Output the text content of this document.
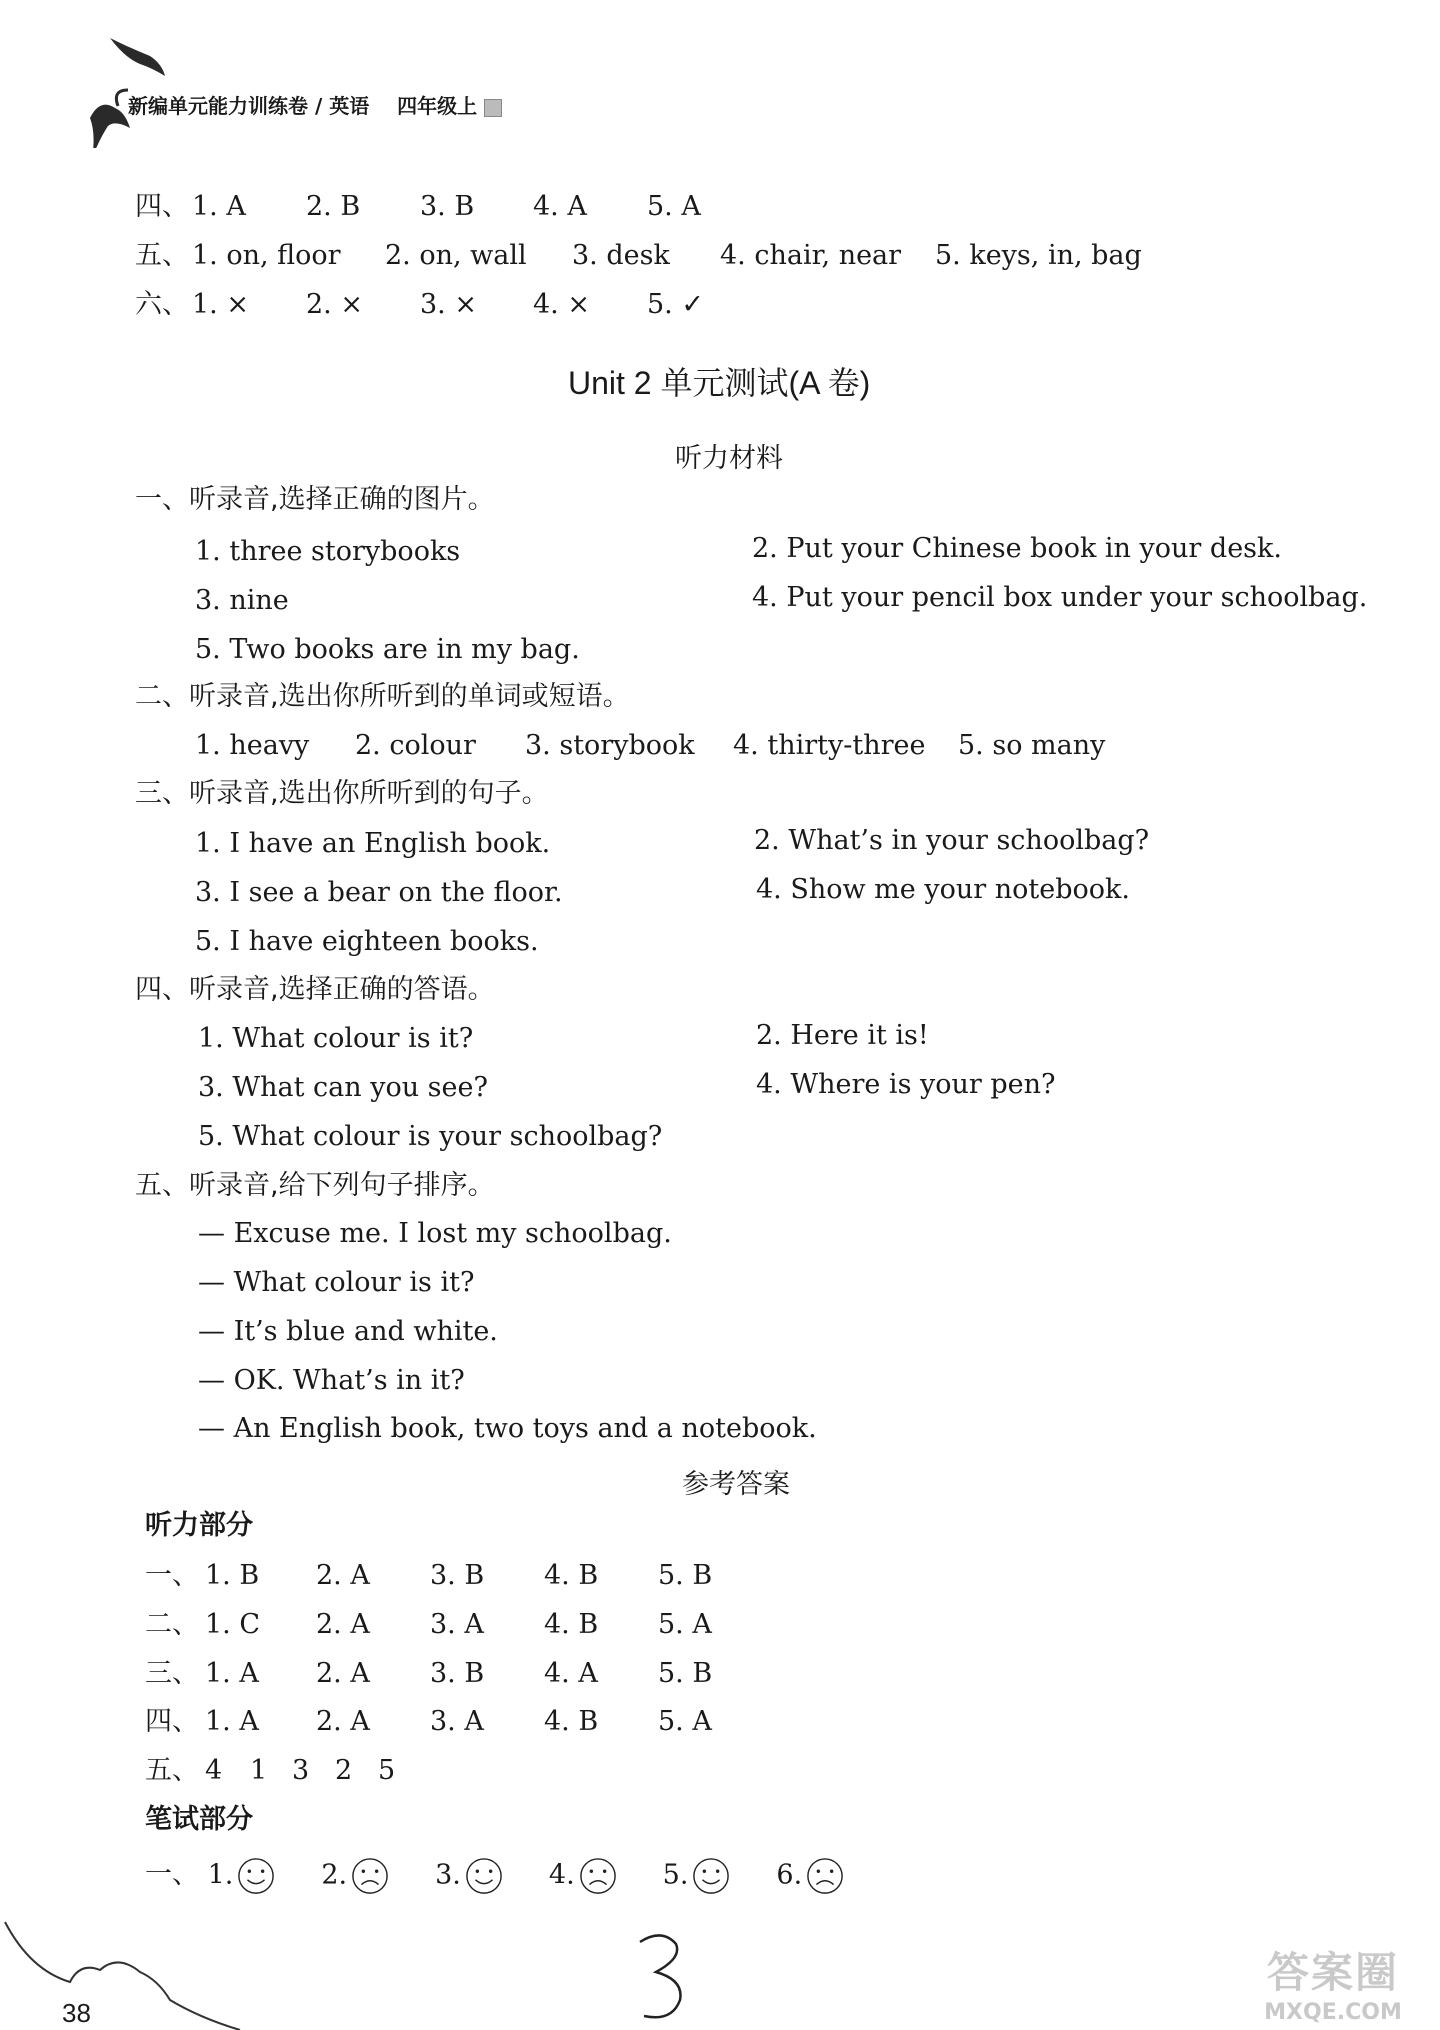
新编单元能力训练卷 / 英语 四年级上
四、 1. A 2. B 3. B 4. A 5. A
五、 1. on, floor 2. on, wall 3. desk 4. chair, near 5. keys, in, bag
六、 1. × 2. × 3. × 4. × 5. ✓
Unit 2 单元测试(A 卷)
听力材料
一、听录音,选择正确的图片。
1. three storybooks	2. Put your Chinese book in your desk.
3. nine	4. Put your pencil box under your schoolbag.
5. Two books are in my bag.
二、听录音,选出你所听到的单词或短语。
1. heavy 2. colour 3. storybook 4. thirty-three 5. so many
三、听录音,选出你所听到的句子。
1. I have an English book.	2. What’s in your schoolbag?
3. I see a bear on the floor.	4. Show me your notebook.
5. I have eighteen books.
四、听录音,选择正确的答语。
1. What colour is it?	2. Here it is!
3. What can you see?	4. Where is your pen?
5. What colour is your schoolbag?
五、听录音,给下列句子排序。
— Excuse me. I lost my schoolbag.
— What colour is it?
— It’s blue and white.
— OK. What’s in it?
— An English book, two toys and a notebook.
参考答案
听力部分
一、 1. B 2. A 3. B 4. B 5. B
二、 1. C 2. A 3. A 4. B 5. A
三、 1. A 2. A 3. B 4. A 5. B
四、 1. A 2. A 3. A 4. B 5. A
五、 4 1 3 2 5
笔试部分
一、 1.	2.	3.	4.	5.	6.
38
答案圈
MXQE.COM
